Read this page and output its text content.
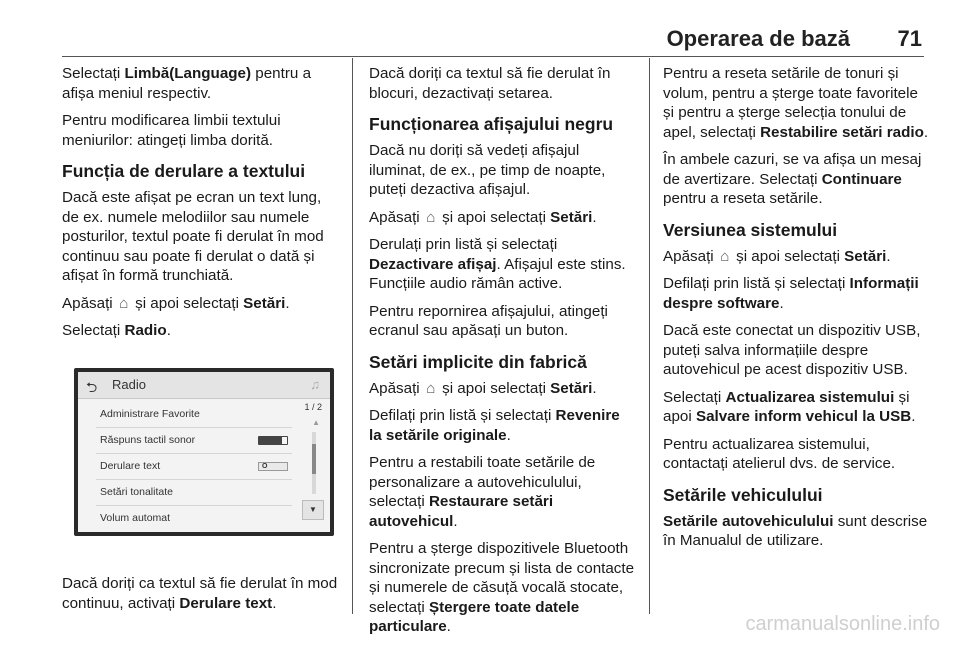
Operarea de bază 71

Selectați Limbă(Language) pentru a afișa meniul respectiv.

Pentru modificarea limbii textului meniurilor: atingeți limba dorită.

Funcția de derulare a textului

Dacă este afișat pe ecran un text lung, de ex. numele melodiilor sau numele posturilor, textul poate fi derulat în mod continuu sau poate fi derulat o dată și afișat în formă trunchiată.

Apăsați ⌂ și apoi selectați Setări.

Selectați Radio.

Dacă doriți ca textul să fie derulat în mod continuu, activați Derulare text.

⮌ Radio	♫
Administrare Favorite
Răspuns tactil sonor
Derulare text	O
Setări tonalitate
Volum automat
1 / 2
▲
▼

Dacă doriți ca textul să fie derulat în blocuri, dezactivați setarea.

Funcționarea afișajului negru

Dacă nu doriți să vedeți afișajul iluminat, de ex., pe timp de noapte, puteți dezactiva afișajul.

Apăsați ⌂ și apoi selectați Setări.

Derulați prin listă și selectați Dezactivare afișaj. Afișajul este stins. Funcțiile audio rămân active.

Pentru repornirea afișajului, atingeți ecranul sau apăsați un buton.

Setări implicite din fabrică

Apăsați ⌂ și apoi selectați Setări.

Defilați prin listă și selectați Revenire la setările originale.

Pentru a restabili toate setările de personalizare a autovehiculului, selectați Restaurare setări autovehicul.

Pentru a șterge dispozitivele Bluetooth sincronizate precum și lista de contacte și numerele de căsuță vocală stocate, selectați Ștergere toate datele particulare.

Pentru a reseta setările de tonuri și volum, pentru a șterge toate favoritele și pentru a șterge selecția tonului de apel, selectați Restabilire setări radio.

În ambele cazuri, se va afișa un mesaj de avertizare. Selectați Continuare pentru a reseta setările.

Versiunea sistemului

Apăsați ⌂ și apoi selectați Setări.

Defilați prin listă și selectați Informații despre software.

Dacă este conectat un dispozitiv USB, puteți salva informațiile despre autovehicul pe acest dispozitiv USB.

Selectați Actualizarea sistemului și apoi Salvare inform vehicul la USB.

Pentru actualizarea sistemului, contactați atelierul dvs. de service.

Setările vehiculului

Setările autovehiculului sunt descrise în Manualul de utilizare.

carmanualsonline.info
